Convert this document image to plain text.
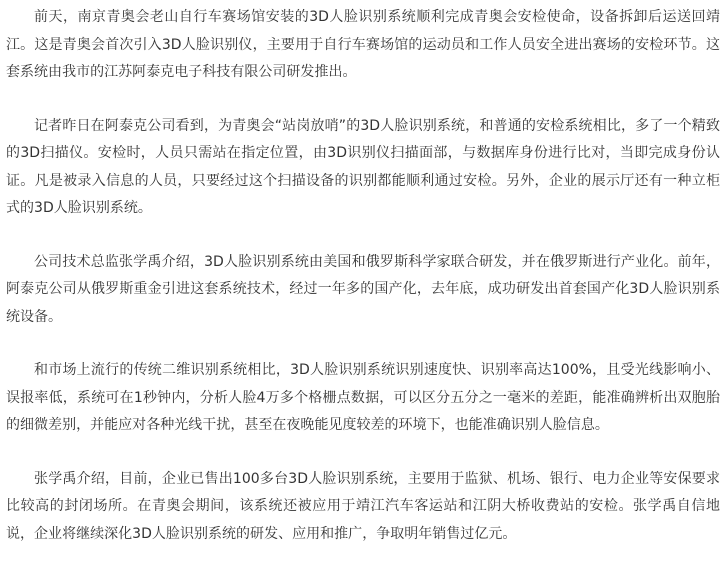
前天，南京青奥会老山自行车赛场馆安装的3D人脸识别系统顺利完成青奥会安检使命，设备拆卸后运送回靖江。这是青奥会首次引入3D人脸识别仪，主要用于自行车赛场馆的运动员和工作人员安全进出赛场的安检环节。这套系统由我市的江苏阿泰克电子科技有限公司研发推出。

记者昨日在阿泰克公司看到，为青奥会“站岗放哨”的3D人脸识别系统，和普通的安检系统相比，多了一个精致的3D扫描仪。安检时，人员只需站在指定位置，由3D识别仪扫描面部，与数据库身份进行比对，当即完成身份认证。凡是被录入信息的人员，只要经过这个扫描设备的识别都能顺利通过安检。另外，企业的展示厅还有一种立柜式的3D人脸识别系统。

公司技术总监张学禹介绍，3D人脸识别系统由美国和俄罗斯科学家联合研发，并在俄罗斯进行产业化。前年，阿泰克公司从俄罗斯重金引进这套系统技术，经过一年多的国产化，去年底，成功研发出首套国产化3D人脸识别系统设备。

和市场上流行的传统二维识别系统相比，3D人脸识别系统识别速度快、识别率高达100%，且受光线影响小、误报率低，系统可在1秒钟内，分析人脸4万多个格栅点数据，可以区分五分之一毫米的差距，能准确辨析出双胞胎的细微差别，并能应对各种光线干扰，甚至在夜晚能见度较差的环境下，也能准确识别人脸信息。

张学禹介绍，目前，企业已售出100多台3D人脸识别系统，主要用于监狱、机场、银行、电力企业等安保要求比较高的封闭场所。在青奥会期间，该系统还被应用于靖江汽车客运站和江阴大桥收费站的安检。张学禹自信地说，企业将继续深化3D人脸识别系统的研发、应用和推广，争取明年销售过亿元。
